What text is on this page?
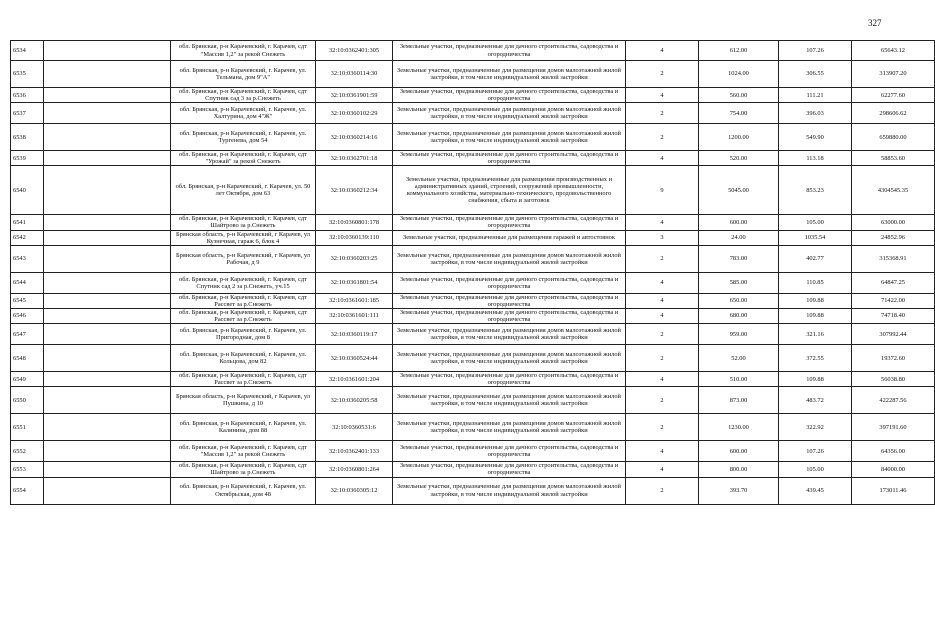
327
6534		обл. Брянская, р-н Карачевский, г. Карачев, сдт "Массив 1,2" за рекой Снежеть	32:10:0362401:305	Земельные участки, предназначенные для дачного строительства, садоводства и огородничества	4	612.00	107.26	65643.12
6535		обл. Брянская, р-н Карачевский, г. Карачев, ул. Тельмана, дом 9"А"	32:10:0360114:30	Земельные участки, предназначенные для размещения домов малоэтажной жилой застройки, в том числе индивидуальной жилой застройки	2	1024.00	306.55	313907.20
6536		обл. Брянская, р-н Карачевский, г. Карачев, сдт Спутник сад 3 за р.Снежеть	32:10:0361901:59	Земельные участки, предназначенные для дачного строительства, садоводства и огородничества	4	560.00	111.21	62277.60
6537		обл. Брянская, р-н Карачевский, г. Карачев, ул. Халтурина, дом 4"Ж"	32:10:0360102:29	Земельные участки, предназначенные для размещения домов малоэтажной жилой застройки, в том числе индивидуальной жилой застройки	2	754.00	396.03	298606.62
6538		обл. Брянская, р-н Карачевский, г. Карачев, ул. Тургенева, дом 54	32:10:0360214:16	Земельные участки, предназначенные для размещения домов малоэтажной жилой застройки, в том числе индивидуальной жилой застройки	2	1200.00	549.90	659880.00
6539		обл. Брянская, р-н Карачевский, г. Карачев, сдт "Урожай" за рекой Снежеть	32:10:0362701:18	Земельные участки, предназначенные для дачного строительства, садоводства и огородничества	4	520.00	113.18	58853.60
6540		обл. Брянская, р-н Карачевский, г. Карачев, ул. 50 лет Октября, дом 63	32:10:0360212:34	Земельные участки, предназначенные для размещения производственных и административных зданий, строений, сооружений промышленности, коммунального хозяйства, материально-технического, продовольственного снабжения, сбыта и заготовок	9	5045.00	853.23	4304545.35
6541		обл. Брянская, р-н Карачевский, г. Карачев, сдт Шайтрово за р.Снежеть	32:10:0360801:178	Земельные участки, предназначенные для дачного строительства, садоводства и огородничества	4	600.00	105.00	63000.00
6542		Брянская область, р-н Карачевский, г Карачев, ул Кузнечная, гараж 6, блок 4	32:10:0360139:110	Земельные участки, предназначенные для размещения гаражей и автостоянок	3	24.00	1035.54	24852.96
6543		Брянская область, р-н Карачевский, г Карачев, ул Рабочая, д 9	32:10:0360203:25	Земельные участки, предназначенные для размещения домов малоэтажной жилой застройки, в том числе индивидуальной жилой застройки	2	783.00	402.77	315368.91
6544		обл. Брянская, р-н Карачевский, г. Карачев, сдт Спутник сад 2 за р.Снежеть, уч.15	32:10:0361801:54	Земельные участки, предназначенные для дачного строительства, садоводства и огородничества	4	585.00	110.85	64847.25
6545		обл. Брянская, р-н Карачевский, г. Карачев, сдт Рассвет за р.Снежеть	32:10:0361601:185	Земельные участки, предназначенные для дачного строительства, садоводства и огородничества	4	650.00	109.88	71422.00
6546		обл. Брянская, р-н Карачевский, г. Карачев, сдт Рассвет за р.Снежеть	32:10:0361601:111	Земельные участки, предназначенные для дачного строительства, садоводства и огородничества	4	680.00	109.88	74718.40
6547		обл. Брянская, р-н Карачевский, г. Карачев, ул. Пригородная, дом 8	32:10:0360119:17	Земельные участки, предназначенные для размещения домов малоэтажной жилой застройки, в том числе индивидуальной жилой застройки	2	959.00	321.16	307992.44
6548		обл. Брянская, р-н Карачевский, г. Карачев, ул. Кольцова, дом 82	32:10:0360524:44	Земельные участки, предназначенные для размещения домов малоэтажной жилой застройки, в том числе индивидуальной жилой застройки	2	52.00	372.55	19372.60
6549		обл. Брянская, р-н Карачевский, г. Карачев, сдт Рассвет за р.Снежеть	32:10:0361601:204	Земельные участки, предназначенные для дачного строительства, садоводства и огородничества	4	510.00	109.88	56038.80
6550		Брянская область, р-н Карачевский, г Карачев, ул Пушкина, д 10	32:10:0360205:58	Земельные участки, предназначенные для размещения домов малоэтажной жилой застройки, в том числе индивидуальной жилой застройки	2	873.00	483.72	422287.56
6551		обл. Брянская, р-н Карачевский, г. Карачев, ул. Калинина, дом 88	32:10:0360531:6	Земельные участки, предназначенные для размещения домов малоэтажной жилой застройки, в том числе индивидуальной жилой застройки	2	1230.00	322.92	397191.60
6552		обл. Брянская, р-н Карачевский, г. Карачев, сдт "Массив 1,2" за рекой Снежеть	32:10:0362401:133	Земельные участки, предназначенные для дачного строительства, садоводства и огородничества	4	600.00	107.26	64356.00
6553		обл. Брянская, р-н Карачевский, г. Карачев, сдт Шайтрово за р.Снежеть	32:10:0360801:264	Земельные участки, предназначенные для дачного строительства, садоводства и огородничества	4	800.00	105.00	84000.00
6554		обл. Брянская, р-н Карачевский, г. Карачев, ул. Октябрьская, дом 48	32:10:0360305:12	Земельные участки, предназначенные для размещения домов малоэтажной жилой застройки, в том числе индивидуальной жилой застройки	2	393.70	439.45	173011.46
